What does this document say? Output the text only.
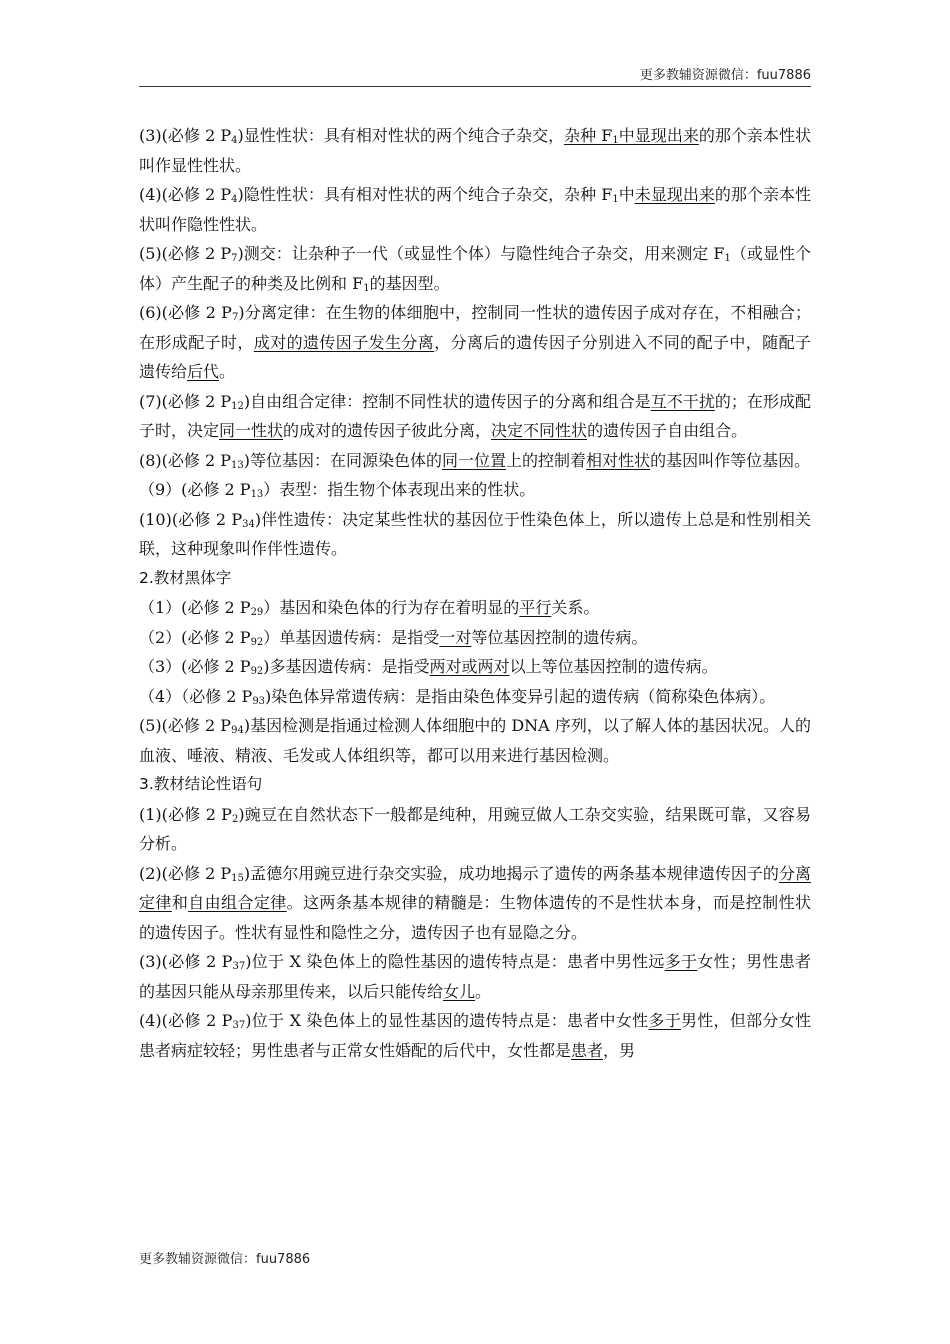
更多教辅资源微信：fuu7886

(3)(必修 2 $P_4$)显性性状：具有相对性状的两个纯合子杂交，杂种 $F_1$中显现出来的那个亲本性状叫作显性性状。

(4)(必修 2 $P_4$)隐性性状：具有相对性状的两个纯合子杂交，杂种 $F_1$中未显现出来的那个亲本性状叫作隐性性状。

(5)(必修 2 $P_7$)测交：让杂种子一代（或显性个体）与隐性纯合子杂交，用来测定 $F_1$（或显性个体）产生配子的种类及比例和 $F_1$的基因型。

(6)(必修 2 $P_7$)分离定律：在生物的体细胞中，控制同一性状的遗传因子成对存在，不相融合；在形成配子时，成对的遗传因子发生分离，分离后的遗传因子分别进入不同的配子中，随配子遗传给后代。

(7)(必修 2 $P_{12}$)自由组合定律：控制不同性状的遗传因子的分离和组合是互不干扰的；在形成配子时，决定同一性状的成对的遗传因子彼此分离，决定不同性状的遗传因子自由组合。

(8)(必修 2 $P_{13}$)等位基因：在同源染色体的同一位置上的控制着相对性状的基因叫作等位基因。

（9）(必修 2 $P_{13}$）表型：指生物个体表现出来的性状。

(10)(必修 2 $P_{34}$)伴性遗传：决定某些性状的基因位于性染色体上，所以遗传上总是和性别相关联，这种现象叫作伴性遗传。

2.教材黑体字

（1）(必修 2 $P_{29}$）基因和染色体的行为存在着明显的平行关系。

（2）(必修 2 $P_{92}$）单基因遗传病：是指受一对等位基因控制的遗传病。

（3）(必修 2 $P_{92}$)多基因遗传病：是指受两对或两对以上等位基因控制的遗传病。

（4）（必修 2 $P_{93}$)染色体异常遗传病：是指由染色体变异引起的遗传病（简称染色体病）。

(5)(必修 2 $P_{94}$)基因检测是指通过检测人体细胞中的 DNA 序列，以了解人体的基因状况。人的血液、唾液、精液、毛发或人体组织等，都可以用来进行基因检测。

3.教材结论性语句

(1)(必修 2 $P_2$)豌豆在自然状态下一般都是纯种，用豌豆做人工杂交实验，结果既可靠，又容易分析。

(2)(必修 2 $P_{15}$)孟德尔用豌豆进行杂交实验，成功地揭示了遗传的两条基本规律遗传因子的分离定律和自由组合定律。这两条基本规律的精髓是：生物体遗传的不是性状本身，而是控制性状的遗传因子。性状有显性和隐性之分，遗传因子也有显隐之分。

(3)(必修 2 $P_{37}$)位于 X 染色体上的隐性基因的遗传特点是：患者中男性远多于女性；男性患者的基因只能从母亲那里传来，以后只能传给女儿。

(4)(必修 2 $P_{37}$)位于 X 染色体上的显性基因的遗传特点是：患者中女性多于男性，但部分女性患者病症较轻；男性患者与正常女性婚配的后代中，女性都是患者，男

更多教辅资源微信：fuu7886
